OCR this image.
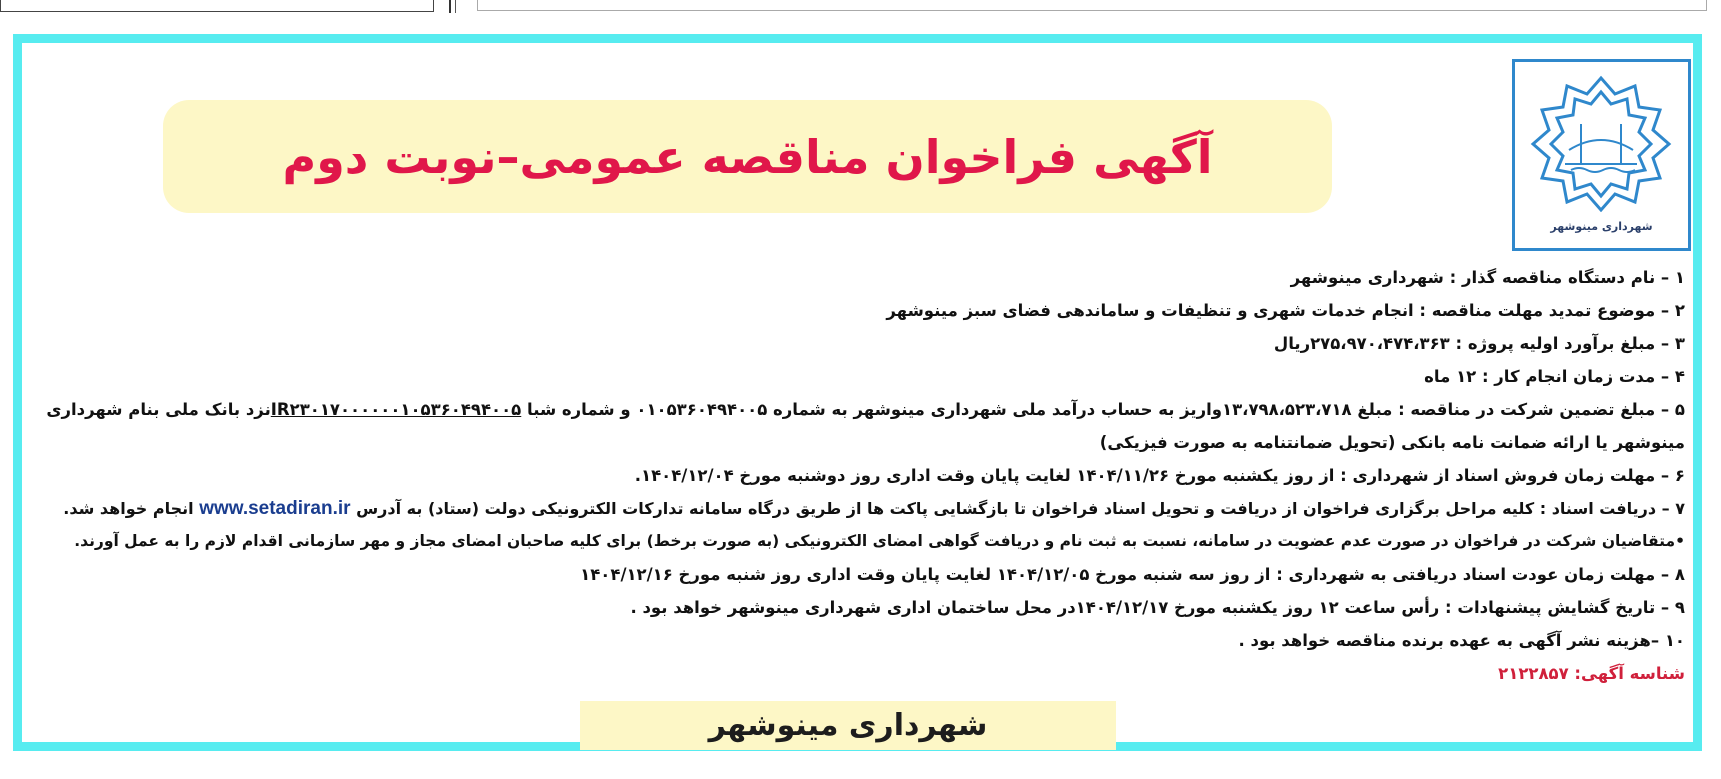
شهرداری مینوشهر
آگهی فراخوان مناقصه عمومی–نوبت دوم
۱ – نام دستگاه مناقصه گذار : شهرداری مینوشهر
۲ – موضوع تمدید مهلت مناقصه : انجام خدمات شهری و تنظیفات و ساماندهی فضای سبز مینوشهر
۳ – مبلغ برآورد اولیه پروژه : ۲۷۵،۹۷۰،۴۷۴،۳۶۳ریال
۴ – مدت زمان انجام کار : ۱۲ ماه
۵ – مبلغ تضمین شرکت در مناقصه : مبلغ ۱۳،۷۹۸،۵۲۳،۷۱۸واریز به حساب درآمد ملی شهرداری مینوشهر به شماره ۰۱۰۵۳۶۰۴۹۴۰۰۵ و شماره شبا IR۲۳۰۱۷۰۰۰۰۰۰۱۰۵۳۶۰۴۹۴۰۰۵نزد بانک ملی بنام شهرداری
مینوشهر یا ارائه ضمانت نامه بانکی (تحویل ضمانتنامه به صورت فیزیکی)
۶ – مهلت زمان فروش اسناد از شهرداری : از روز یکشنبه مورخ ۱۴۰۴/۱۱/۲۶ لغایت پایان وقت اداری روز دوشنبه مورخ ۱۴۰۴/۱۲/۰۴.
۷ – دریافت اسناد : کلیه مراحل برگزاری فراخوان از دریافت و تحویل اسناد فراخوان تا بازگشایی پاکت ها از طریق درگاه سامانه تدارکات الکترونیکی دولت (ستاد) به آدرس www.setadiran.ir انجام خواهد شد.
•متقاضیان شرکت در فراخوان در صورت عدم عضویت در سامانه، نسبت به ثبت نام و دریافت گواهی امضای الکترونیکی (به صورت برخط) برای کلیه صاحبان امضای مجاز و مهر سازمانی اقدام لازم را به عمل آورند.
۸ – مهلت زمان عودت اسناد دریافتی به شهرداری : از روز سه شنبه مورخ ۱۴۰۴/۱۲/۰۵ لغایت پایان وقت اداری روز شنبه مورخ ۱۴۰۴/۱۲/۱۶
۹ – تاریخ گشایش پیشنهادات : رأس ساعت ۱۲ روز یکشنبه مورخ ۱۴۰۴/۱۲/۱۷در محل ساختمان اداری شهرداری مینوشهر خواهد بود .
۱۰ –هزینه نشر آگهی به عهده برنده مناقصه خواهد بود .
شناسه آگهی: ۲۱۲۲۸۵۷
شهرداری مینوشهر
